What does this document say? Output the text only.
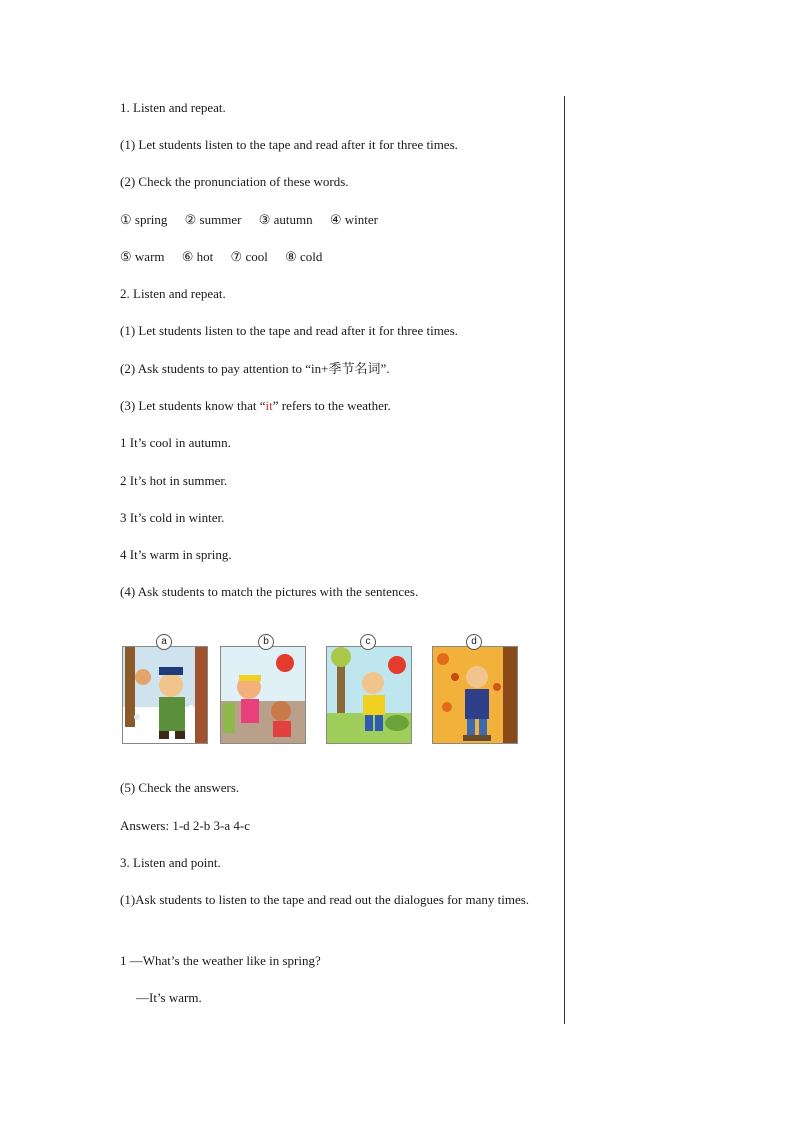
1. Listen and repeat.
(1) Let students listen to the tape and read after it for three times.
(2) Check the pronunciation of these words.
① spring ② summer ③ autumn ④ winter
⑤ warm ⑥ hot ⑦ cool ⑧ cold
2. Listen and repeat.
(1) Let students listen to the tape and read after it for three times.
(2) Ask students to pay attention to “in+季节名词”.
(3) Let students know that “it” refers to the weather.
1 It’s cool in autumn.
2 It’s hot in summer.
3 It’s cold in winter.
4 It’s warm in spring.
(4) Ask students to match the pictures with the sentences.
a	b	c	d
(5) Check the answers.
Answers: 1-d 2-b 3-a 4-c
3. Listen and point.
(1)Ask students to listen to the tape and read out the dialogues for many times.
1 —What’s the weather like in spring?
—It’s warm.
